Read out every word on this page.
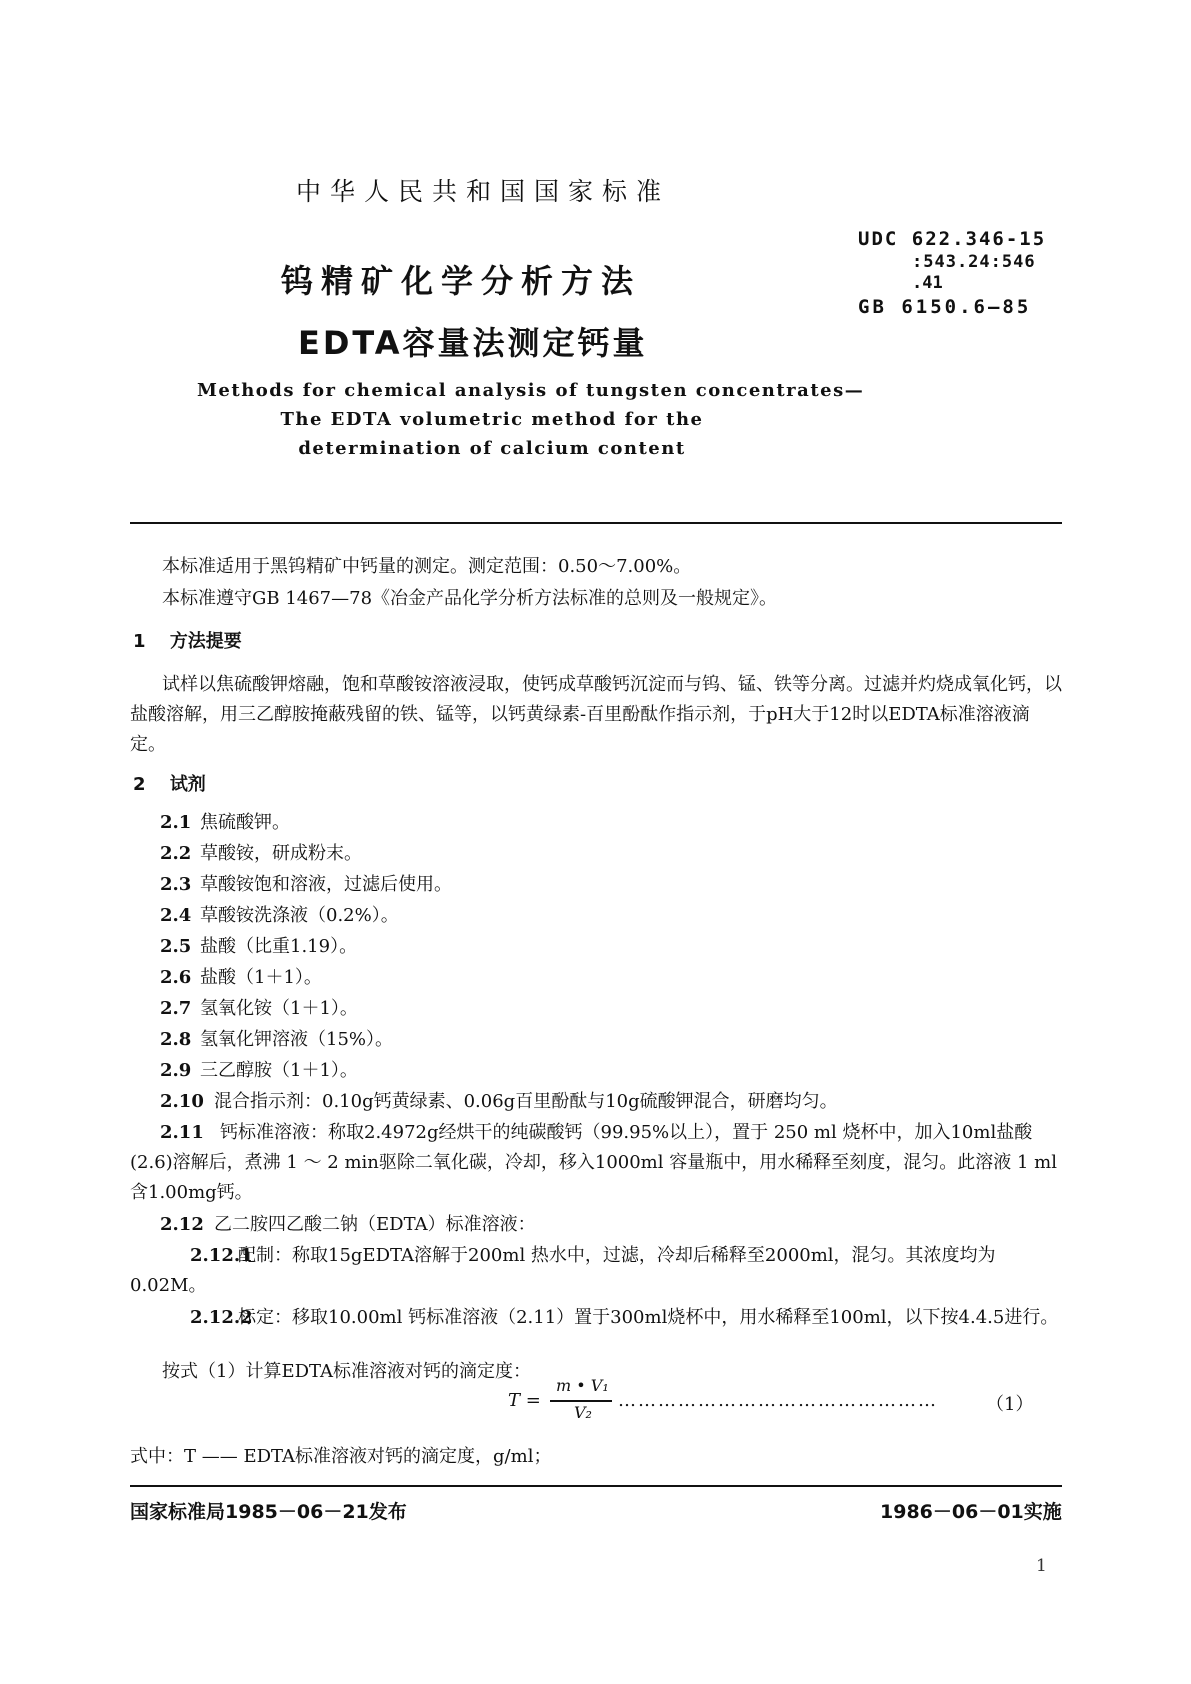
中华人民共和国国家标准
UDC 622.346-15
:543.24:546
.41
GB 6150.6—85
钨精矿化学分析方法
EDTA容量法测定钙量
Methods for chemical analysis of tungsten concentrates—
The EDTA volumetric method for the
determination of calcium content
本标准适用于黑钨精矿中钙量的测定。测定范围：0.50～7.00%。
本标准遵守GB 1467—78《冶金产品化学分析方法标准的总则及一般规定》。
1 方法提要
试样以焦硫酸钾熔融，饱和草酸铵溶液浸取，使钙成草酸钙沉淀而与钨、锰、铁等分离。过滤并灼烧成氧化钙，以盐酸溶解，用三乙醇胺掩蔽残留的铁、锰等，以钙黄绿素-百里酚酞作指示剂，于pH大于12时以EDTA标准溶液滴定。
2 试剂
2.1 焦硫酸钾。
2.2 草酸铵，研成粉末。
2.3 草酸铵饱和溶液，过滤后使用。
2.4 草酸铵洗涤液（0.2%）。
2.5 盐酸（比重1.19）。
2.6 盐酸（1＋1）。
2.7 氢氧化铵（1＋1）。
2.8 氢氧化钾溶液（15%）。
2.9 三乙醇胺（1＋1）。
2.10 混合指示剂：0.10g钙黄绿素、0.06g百里酚酞与10g硫酸钾混合，研磨均匀。
2.11 钙标准溶液：称取2.4972g经烘干的纯碳酸钙（99.95%以上），置于 250 ml 烧杯中，加入10ml盐酸(2.6)溶解后，煮沸 1 ～ 2 min驱除二氧化碳，冷却，移入1000ml 容量瓶中，用水稀释至刻度，混匀。此溶液 1 ml含1.00mg钙。
2.12 乙二胺四乙酸二钠（EDTA）标准溶液：
2.12.1配制：称取15gEDTA溶解于200ml 热水中，过滤，冷却后稀释至2000ml，混匀。其浓度均为0.02M。
2.12.2标定：移取10.00ml 钙标准溶液（2.11）置于300ml烧杯中，用水稀释至100ml，以下按4.4.5进行。
按式（1）计算EDTA标准溶液对钙的滴定度：
T =
m • V₁
V₂
…………………………………………	（1）
式中：T —— EDTA标准溶液对钙的滴定度，g/ml；
国家标准局1985－06－21发布	1986－06－01实施
1
